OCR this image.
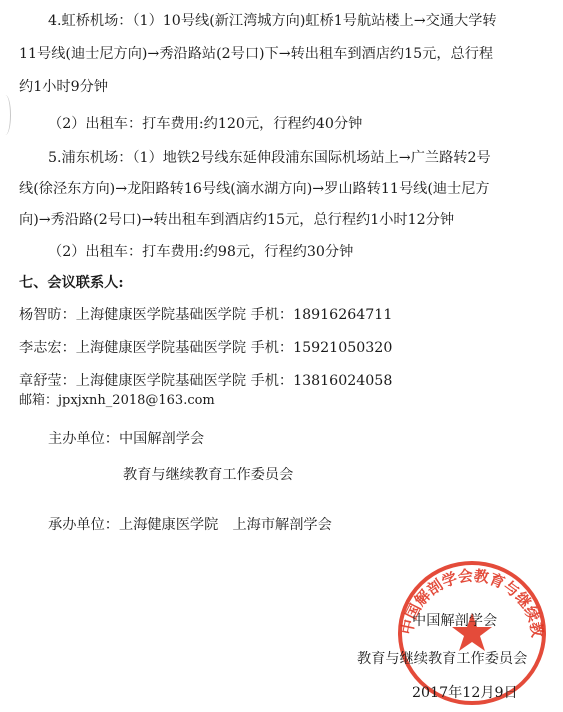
4.虹桥机场：（1）10号线(新江湾城方向)虹桥1号航站楼上→交通大学转
11号线(迪士尼方向)→秀沿路站(2号口)下→转出租车到酒店约15元，总行程
约1小时9分钟
（2）出租车：打车费用:约120元，行程约40分钟
5.浦东机场：（1）地铁2号线东延伸段浦东国际机场站上→广兰路转2号
线(徐泾东方向)→龙阳路转16号线(滴水湖方向)→罗山路转11号线(迪士尼方
向)→秀沿路(2号口)→转出租车到酒店约15元，总行程约1小时12分钟
（2）出租车：打车费用:约98元，行程约30分钟
七、会议联系人:
杨智昉：上海健康医学院基础医学院 手机：18916264711
李志宏：上海健康医学院基础医学院 手机：15921050320
章舒莹：上海健康医学院基础医学院 手机：13816024058
邮箱：jpxjxnh_2018@163.com
主办单位：中国解剖学会
教育与继续教育工作委员会
承办单位：上海健康医学院　上海市解剖学会
中国解剖学会教育与继续教
中国解剖学会
教育与继续教育工作委员会
2017年12月9日
